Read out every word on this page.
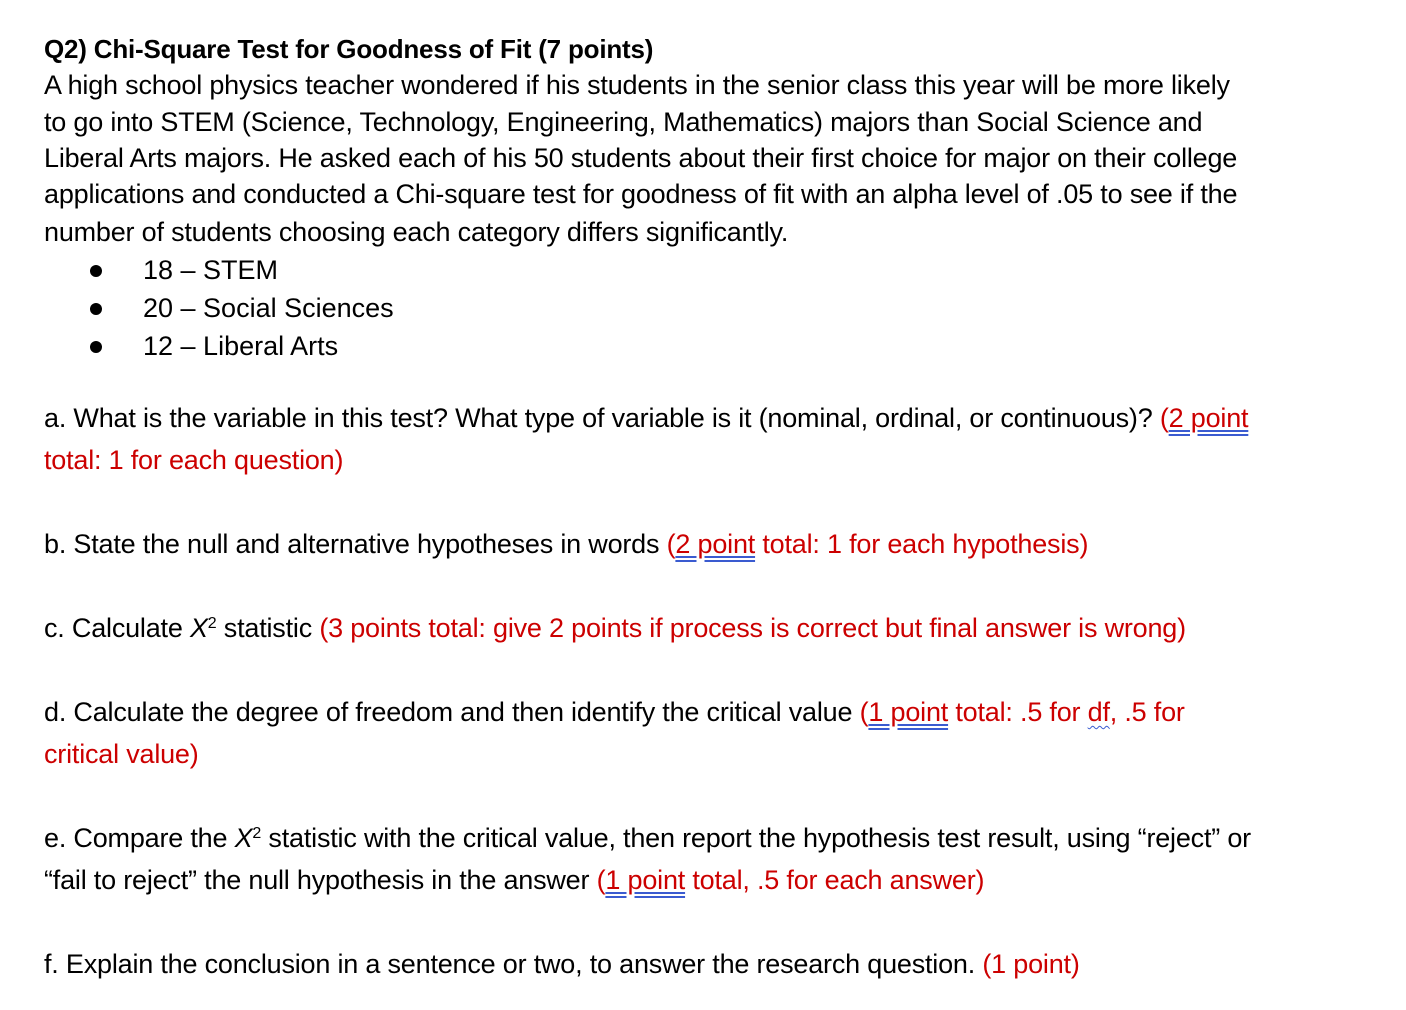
Q2) Chi-Square Test for Goodness of Fit (7 points)
A high school physics teacher wondered if his students in the senior class this year will be more likely
to go into STEM (Science, Technology, Engineering, Mathematics) majors than Social Science and
Liberal Arts majors. He asked each of his 50 students about their first choice for major on their college
applications and conducted a Chi-square test for goodness of fit with an alpha level of .05 to see if the
number of students choosing each category differs significantly.
18 – STEM
20 – Social Sciences
12 – Liberal Arts
a. What is the variable in this test? What type of variable is it (nominal, ordinal, or continuous)? (2 point
total: 1 for each question)
b. State the null and alternative hypotheses in words (2 point total: 1 for each hypothesis)
c. Calculate $X^2$ statistic (3 points total: give 2 points if process is correct but final answer is wrong)
d. Calculate the degree of freedom and then identify the critical value (1 point total: .5 for df, .5 for
critical value)
e. Compare the $X^2$ statistic with the critical value, then report the hypothesis test result, using “reject” or
“fail to reject” the null hypothesis in the answer (1 point total, .5 for each answer)
f. Explain the conclusion in a sentence or two, to answer the research question. (1 point)
